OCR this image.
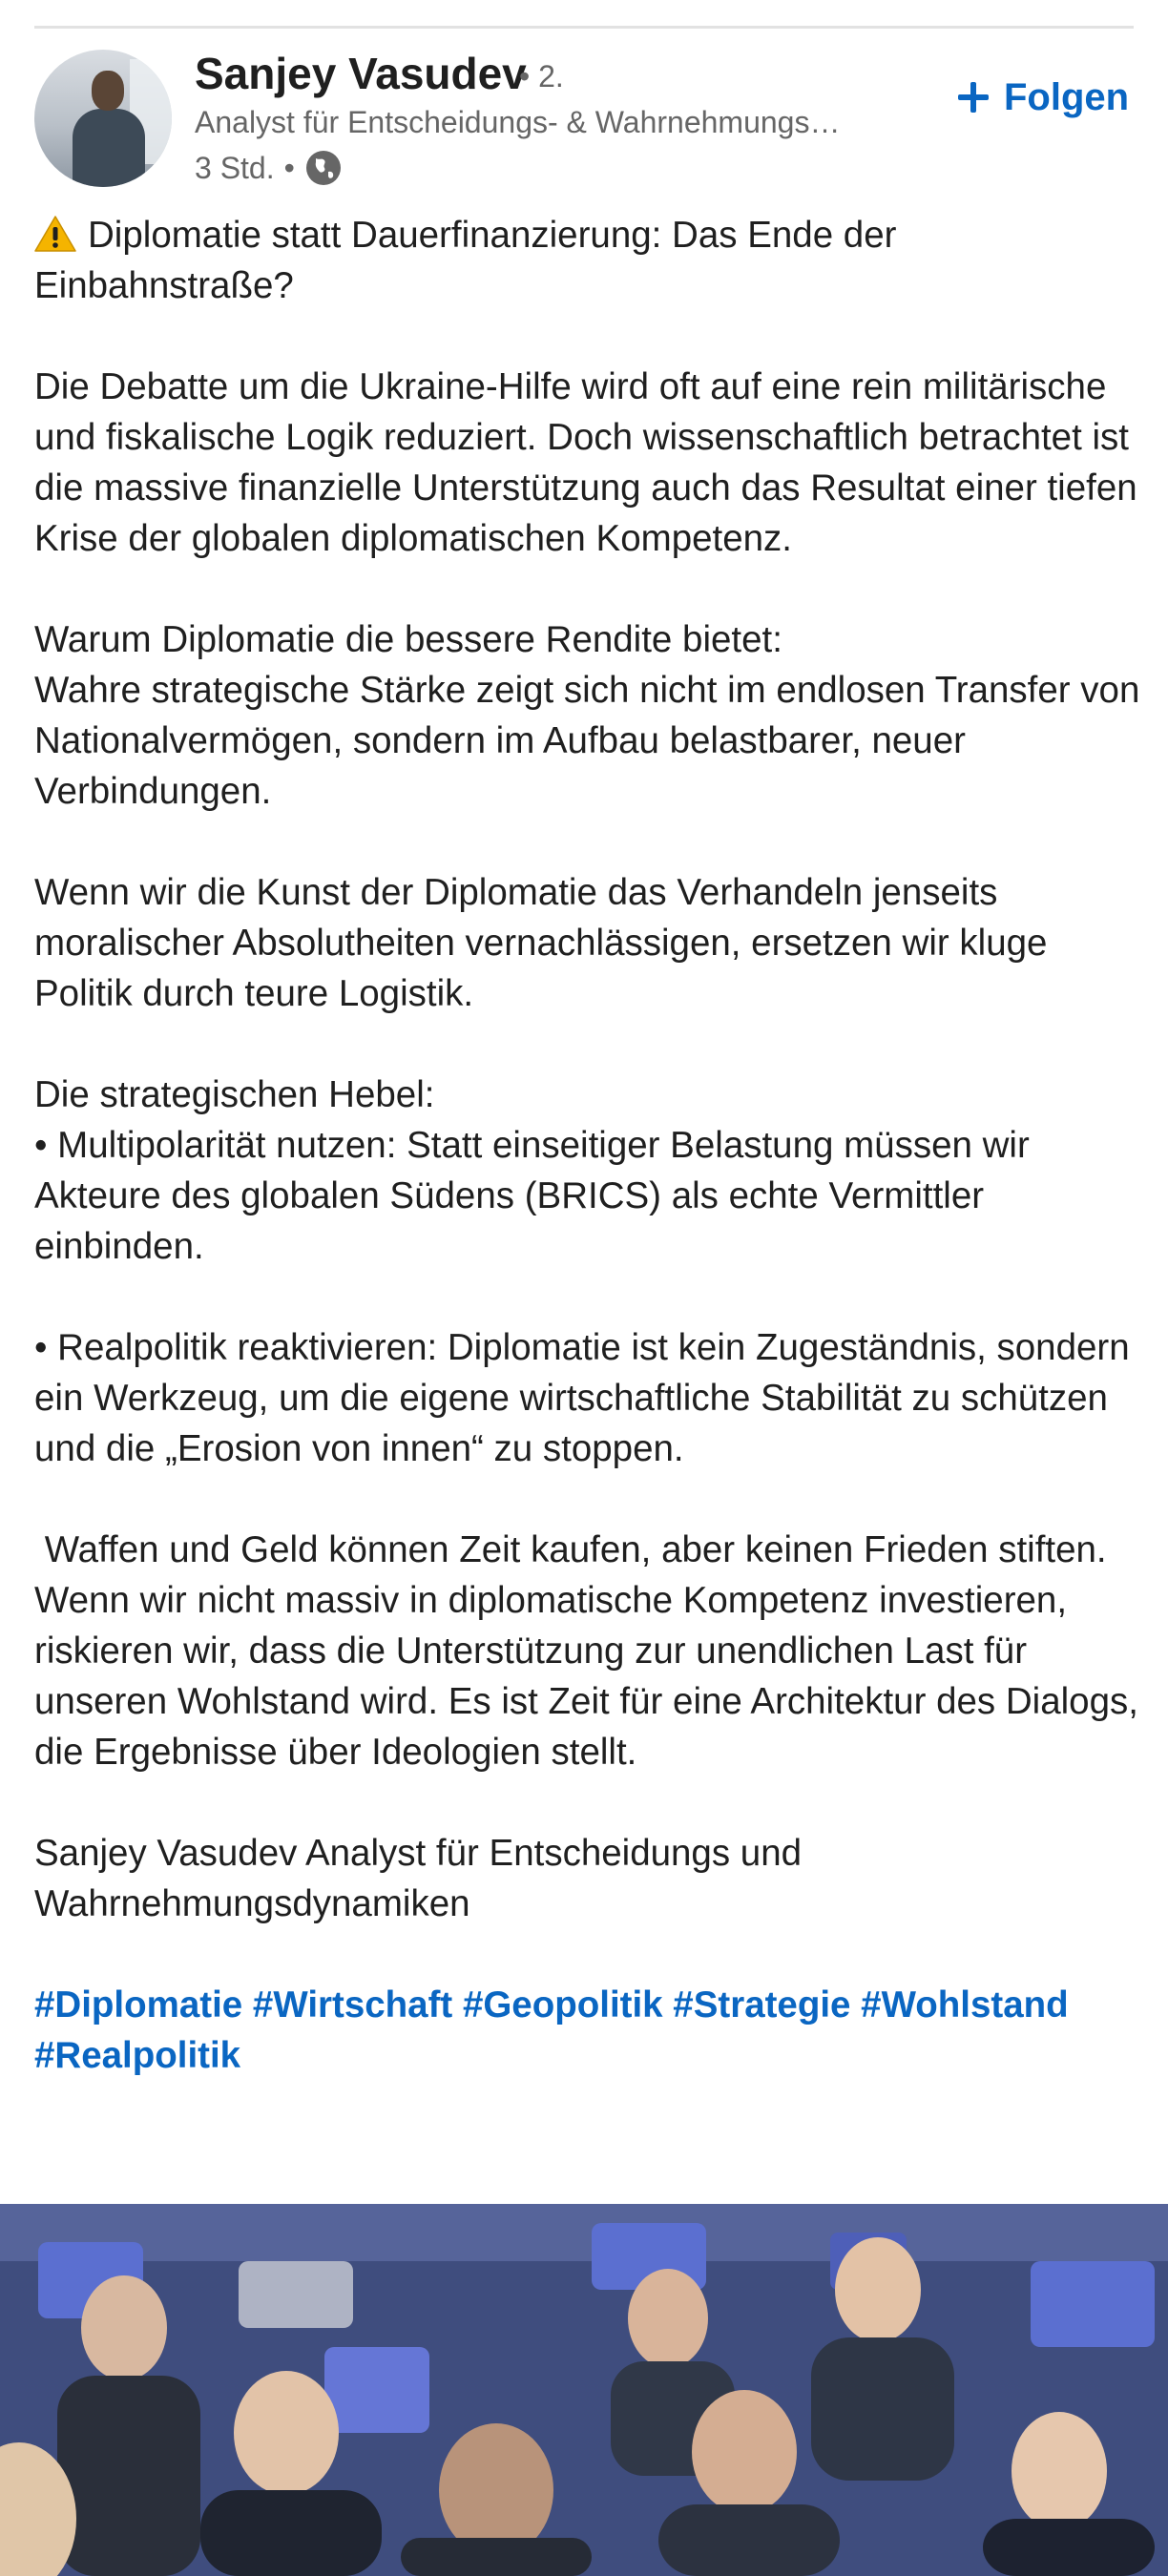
Sanjey Vasudev
• 2.
Analyst für Entscheidungs- & Wahrnehmungs…
3 Std. •
Folgen

Diplomatie statt Dauerfinanzierung: Das Ende der Einbahnstraße?

Die Debatte um die Ukraine-Hilfe wird oft auf eine rein militärische und fiskalische Logik reduziert. Doch wissenschaftlich betrachtet ist die massive finanzielle Unterstützung auch das Resultat einer tiefen Krise der globalen diplomatischen Kompetenz.

Warum Diplomatie die bessere Rendite bietet:

Wahre strategische Stärke zeigt sich nicht im endlosen Transfer von Nationalvermögen, sondern im Aufbau belastbarer, neuer Verbindungen.

Wenn wir die Kunst der Diplomatie das Verhandeln jenseits moralischer Absolutheiten vernachlässigen, ersetzen wir kluge Politik durch teure Logistik.

Die strategischen Hebel:

• Multipolarität nutzen: Statt einseitiger Belastung müssen wir Akteure des globalen Südens (BRICS) als echte Vermittler einbinden.

• Realpolitik reaktivieren: Diplomatie ist kein Zugeständnis, sondern ein Werkzeug, um die eigene wirtschaftliche Stabilität zu schützen und die „Erosion von innen“ zu stoppen.

Waffen und Geld können Zeit kaufen, aber keinen Frieden stiften. Wenn wir nicht massiv in diplomatische Kompetenz investieren, riskieren wir, dass die Unterstützung zur unendlichen Last für unseren Wohlstand wird. Es ist Zeit für eine Architektur des Dialogs, die Ergebnisse über Ideologien stellt.

Sanjey Vasudev Analyst für Entscheidungs und Wahrnehmungsdynamiken

#Diplomatie #Wirtschaft #Geopolitik #Strategie #Wohlstand #Realpolitik
